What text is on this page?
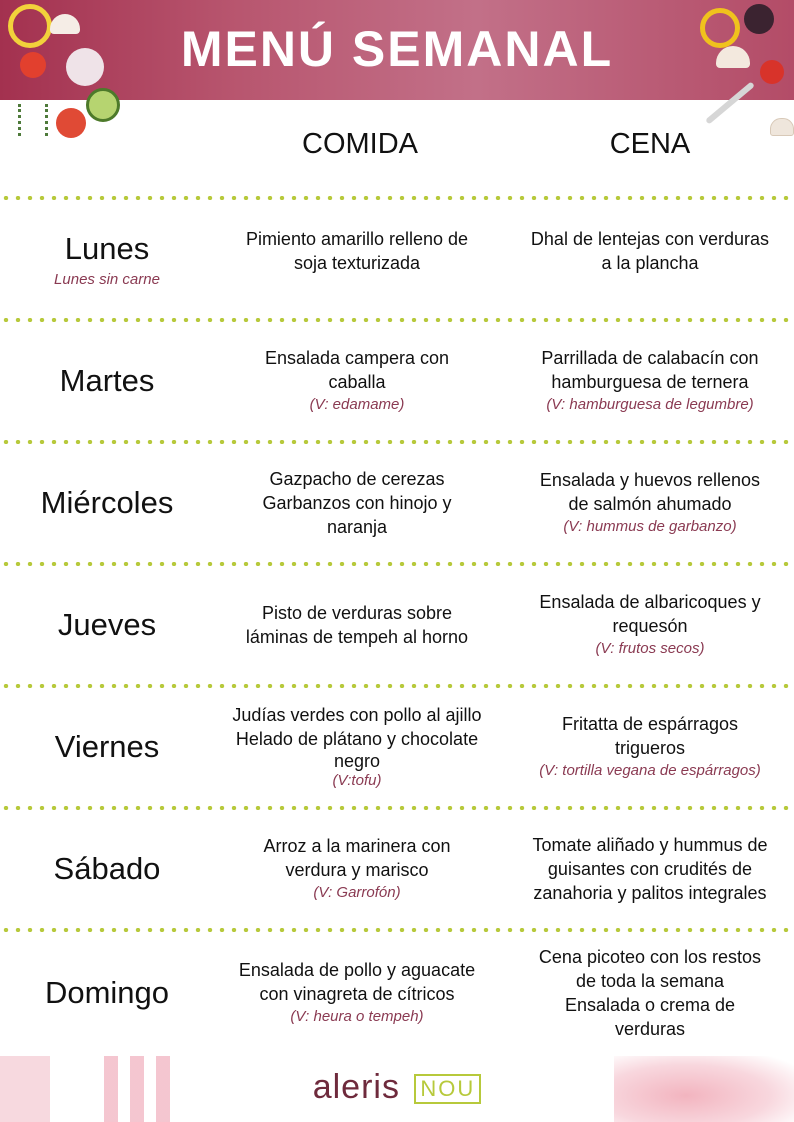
MENÚ SEMANAL
COMIDA	CENA
Lunes
Lunes sin carne
Pimiento amarillo relleno de
soja texturizada
Dhal de lentejas con verduras
a la plancha
Martes
Ensalada campera con
caballa
(V: edamame)
Parrillada de calabacín con
hamburguesa de ternera
(V: hamburguesa de legumbre)
Miércoles
Gazpacho de cerezas
Garbanzos con hinojo y
naranja
Ensalada y huevos rellenos
de salmón ahumado
(V: hummus de garbanzo)
Jueves	Pisto de verduras sobre
láminas de tempeh al horno
Ensalada de albaricoques y
requesón
(V: frutos secos)
Viernes
Judías verdes con pollo al ajillo
Helado de plátano y chocolate
negro
(V:tofu)
Fritatta de espárragos
trigueros
(V: tortilla vegana de espárragos)
Sábado
Arroz a la marinera con
verdura y marisco
(V: Garrofón)
Tomate aliñado y hummus de
guisantes con crudités de
zanahoria y palitos integrales
Domingo
Ensalada de pollo y aguacate
con vinagreta de cítricos
(V: heura o tempeh)
Cena picoteo con los restos
de toda la semana
Ensalada o crema de
verduras
aleris NOU
